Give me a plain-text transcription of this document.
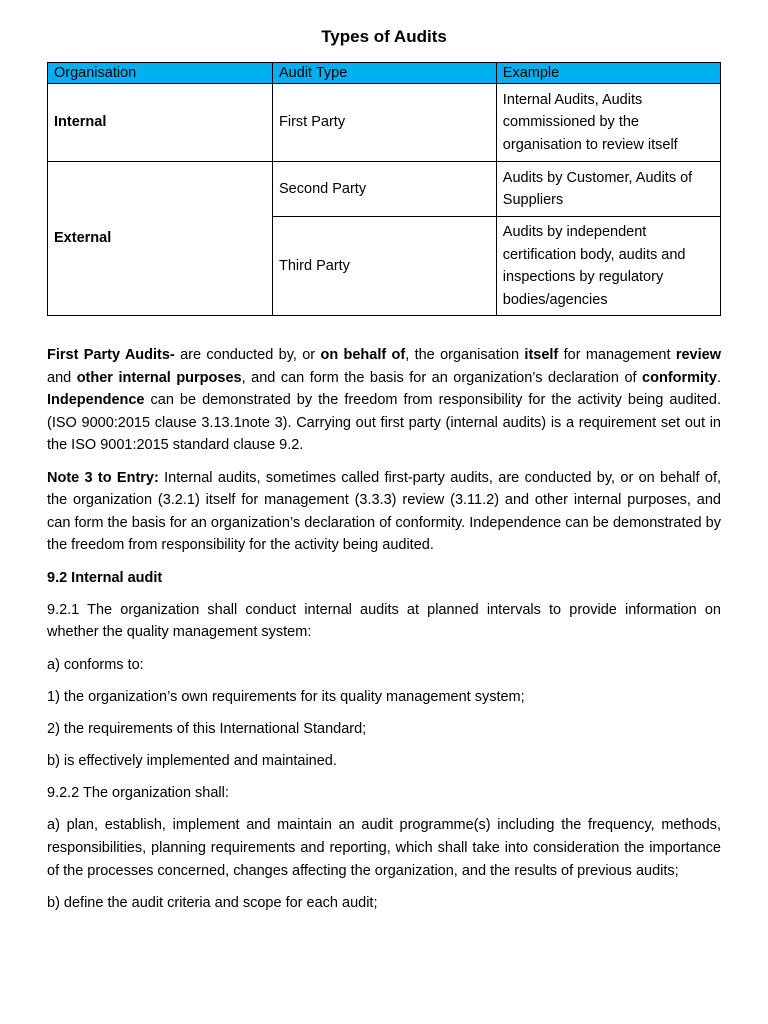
Types of Audits
Organisation	Audit Type	Example
Internal	First Party	Internal Audits, Audits commissioned by the organisation to review itself
External	Second Party	Audits by Customer, Audits of Suppliers
	Third Party	Audits by independent certification body, audits and inspections by regulatory bodies/agencies

First Party Audits- are conducted by, or on behalf of, the organisation itself for management review and other internal purposes, and can form the basis for an organization’s declaration of conformity. Independence can be demonstrated by the freedom from responsibility for the activity being audited. (ISO 9000:2015 clause 3.13.1note 3). Carrying out first party (internal audits) is a requirement set out in the ISO 9001:2015 standard clause 9.2.

Note 3 to Entry: Internal audits, sometimes called first-party audits, are conducted by, or on behalf of, the organization (3.2.1) itself for management (3.3.3) review (3.11.2) and other internal purposes, and can form the basis for an organization’s declaration of conformity. Independence can be demonstrated by the freedom from responsibility for the activity being audited.

9.2 Internal audit

9.2.1 The organization shall conduct internal audits at planned intervals to provide information on whether the quality management system:

a) conforms to:

1) the organization’s own requirements for its quality management system;

2) the requirements of this International Standard;

b) is effectively implemented and maintained.

9.2.2 The organization shall:

a) plan, establish, implement and maintain an audit programme(s) including the frequency, methods, responsibilities, planning requirements and reporting, which shall take into consideration the importance of the processes concerned, changes affecting the organization, and the results of previous audits;

b) define the audit criteria and scope for each audit;
